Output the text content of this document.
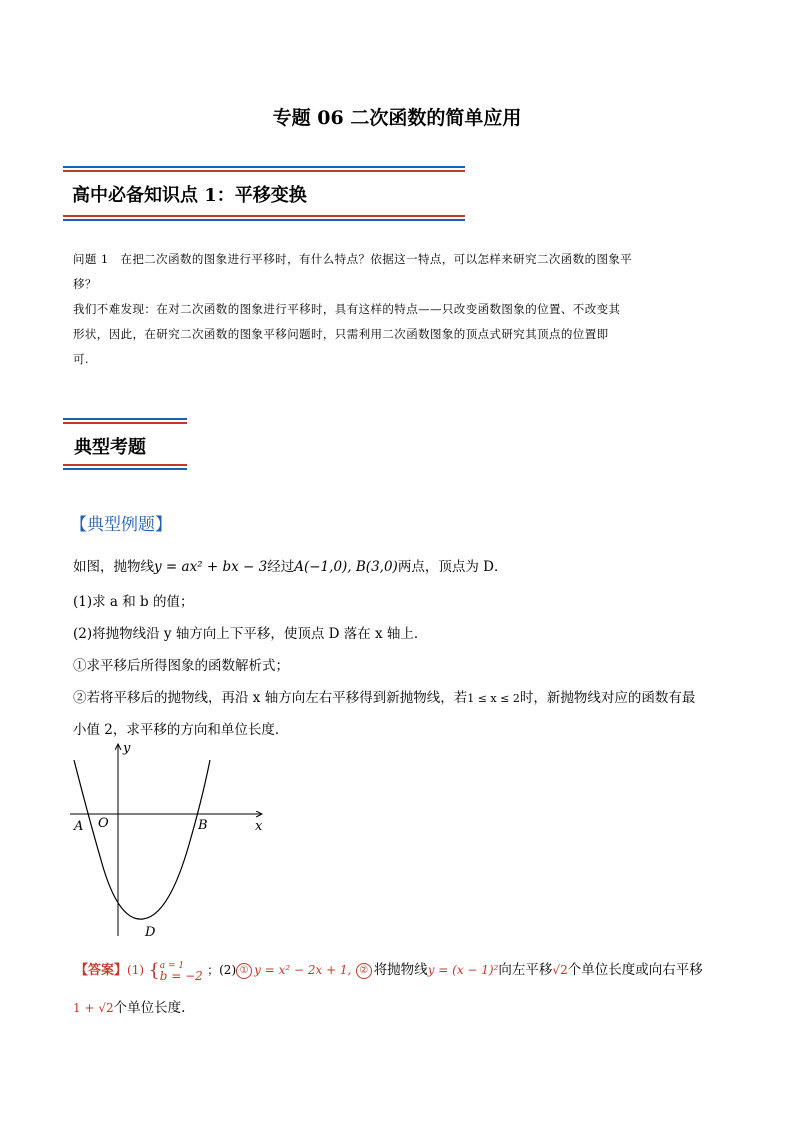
专题 06 二次函数的简单应用
高中必备知识点 1：平移变换
问题 1　在把二次函数的图象进行平移时，有什么特点？依据这一特点，可以怎样来研究二次函数的图象平
移？
我们不难发现：在对二次函数的图象进行平移时，具有这样的特点——只改变函数图象的位置、不改变其
形状，因此，在研究二次函数的图象平移问题时，只需利用二次函数图象的顶点式研究其顶点的位置即
可.
典型考题
【典型例题】
如图，抛物线y = ax² + bx − 3经过A(−1,0), B(3,0)两点，顶点为 D．
(1)求 a 和 b 的值；
(2)将抛物线沿 y 轴方向上下平移，使顶点 D 落在 x 轴上．
①求平移后所得图象的函数解析式；
②若将平移后的抛物线，再沿 x 轴方向左右平移得到新抛物线，若1 ≤ x ≤ 2时，新抛物线对应的函数有最
小值 2，求平移的方向和单位长度．
y
x
A O	B
D
【答案】(1) { a = 1
b = −2 ；(2) ① y = x² − 2x + 1, ② 将抛物线y = (x − 1)²向左平移√2个单位长度或向右平移
1 + √2个单位长度.
